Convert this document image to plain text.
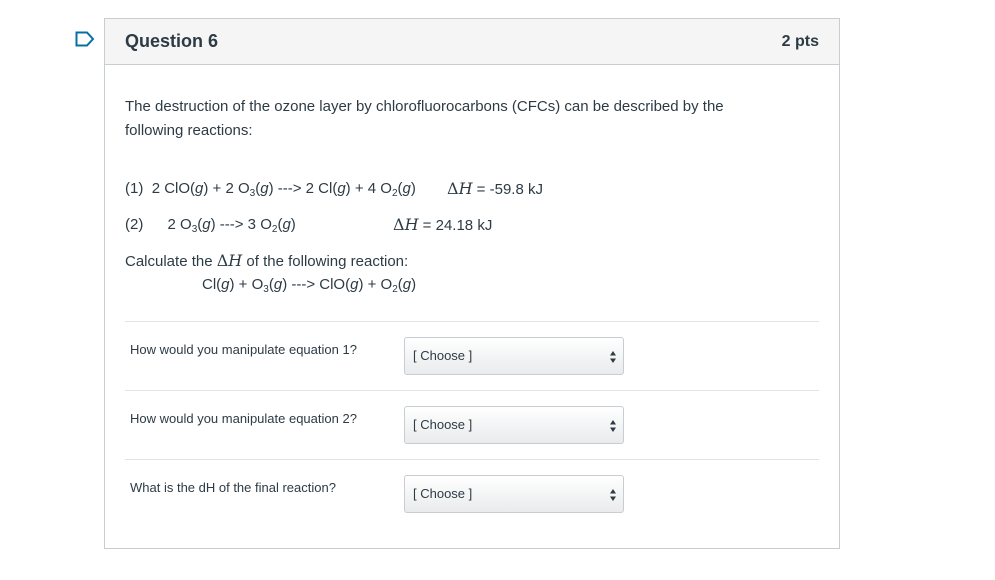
Question 6	2 pts
The destruction of the ozone layer by chlorofluorocarbons (CFCs) can be described by the following reactions:
(1) 2 ClO(g) + 2 $O_3(g)$ ---> 2 Cl(g) + 4 $O_2(g) \Delta H = -59.8$ kJ
(2) 2 $O_3(g)$ ---> 3 $O_2(g)$	ΔH = 24.18 kJ
Calculate the ΔH of the following reaction:
$Cl(g) + O_3(g)$ ---> $ClO(g) + O_2(g)$
How would you manipulate equation 1?	[ Choose ]
How would you manipulate equation 2?	[ Choose ]
What is the dH of the final reaction?	[ Choose ]
